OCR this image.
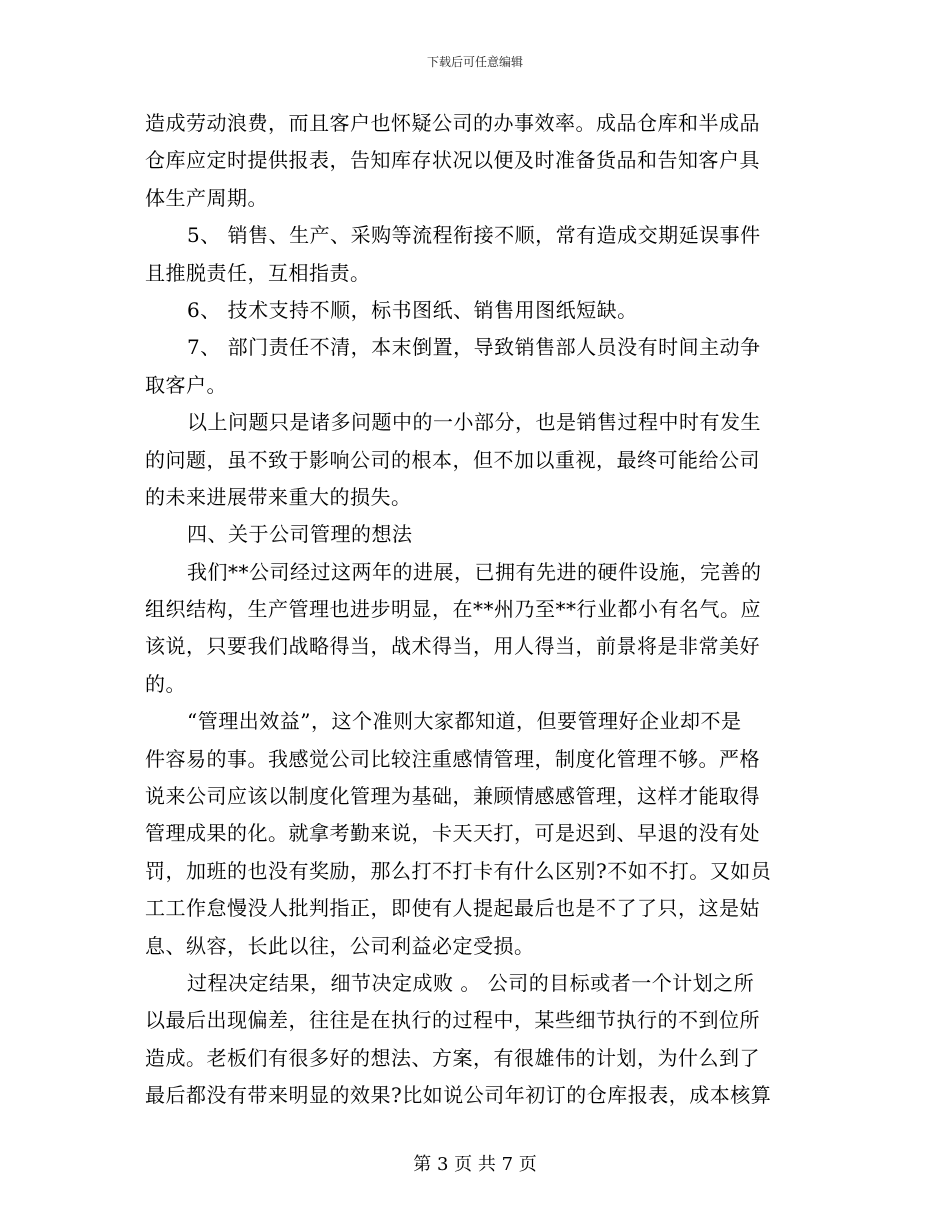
下载后可任意编辑
造成劳动浪费，而且客户也怀疑公司的办事效率。成品仓库和半成品
仓库应定时提供报表，告知库存状况以便及时准备货品和告知客户具
体生产周期。
5、 销售、生产、采购等流程衔接不顺，常有造成交期延误事件
且推脱责任，互相指责。
6、 技术支持不顺，标书图纸、销售用图纸短缺。
7、 部门责任不清，本末倒置，导致销售部人员没有时间主动争
取客户。
以上问题只是诸多问题中的一小部分，也是销售过程中时有发生
的问题，虽不致于影响公司的根本，但不加以重视，最终可能给公司
的未来进展带来重大的损失。
四、关于公司管理的想法
我们**公司经过这两年的进展，已拥有先进的硬件设施，完善的
组织结构，生产管理也进步明显，在**州乃至**行业都小有名气。应
该说，只要我们战略得当，战术得当，用人得当，前景将是非常美好
的。
“管理出效益”，这个准则大家都知道，但要管理好企业却不是
件容易的事。我感觉公司比较注重感情管理，制度化管理不够。严格
说来公司应该以制度化管理为基础，兼顾情感感管理，这样才能取得
管理成果的化。就拿考勤来说，卡天天打，可是迟到、早退的没有处
罚，加班的也没有奖励，那么打不打卡有什么区别?不如不打。又如员
工工作怠慢没人批判指正，即使有人提起最后也是不了了只，这是姑
息、纵容，长此以往，公司利益必定受损。
过程决定结果，细节决定成败 。 公司的目标或者一个计划之所
以最后出现偏差，往往是在执行的过程中，某些细节执行的不到位所
造成。老板们有很多好的想法、方案，有很雄伟的计划，为什么到了
最后都没有带来明显的效果?比如说公司年初订的仓库报表，成本核算
第 3 页 共 7 页
